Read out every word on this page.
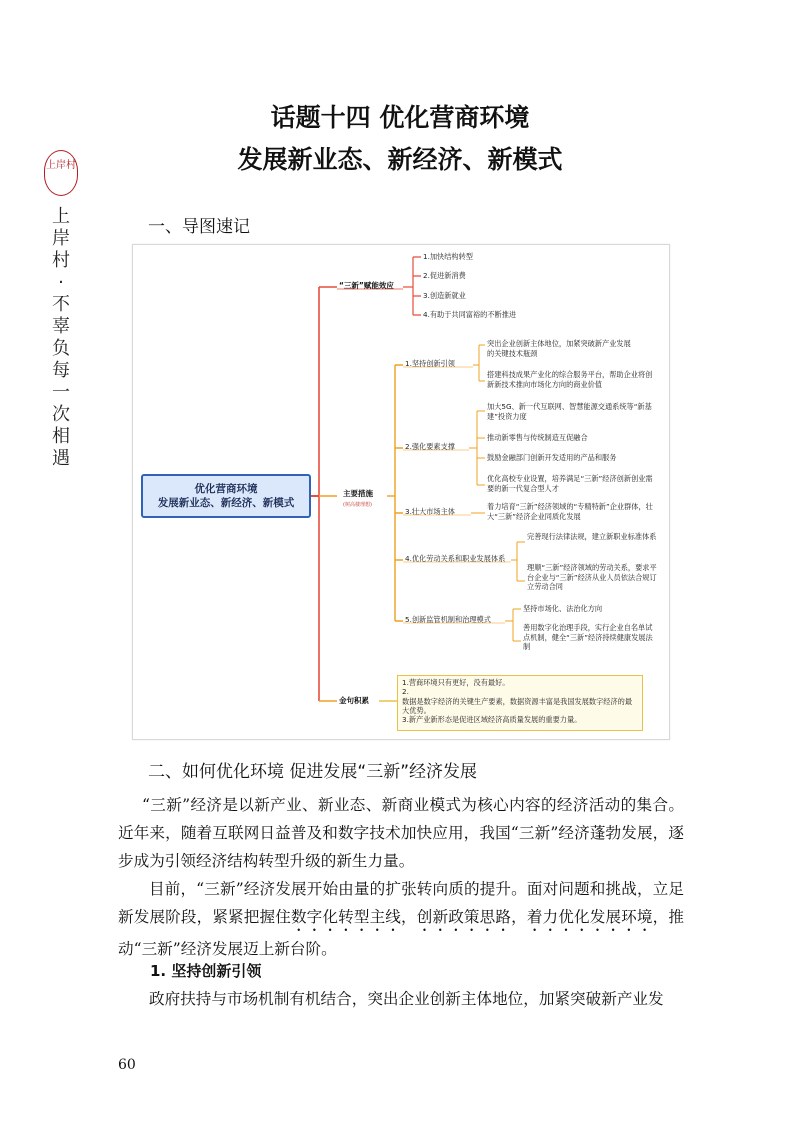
上岸村
上岸村·不辜负每一次相遇
话题十四 优化营商环境
发展新业态、新经济、新模式
一、导图速记
优化营商环境
发展新业态、新经济、新模式
“三新”赋能效应
1.加快结构转型
2.促进新消费
3.创造新就业
4.有助于共同富裕的不断推进
主要措施
(树高楼理想)
1.坚持创新引领
突出企业创新主体地位，加紧突破新产业发展的关键技术瓶颈
搭建科技成果产业化的综合服务平台，帮助企业将创新新技术推向市场化方向的商业价值
2.强化要素支撑
加大5G、新一代互联网、智慧能源交通系统等“新基建”投资力度
推动新零售与传统制造互促融合
鼓励金融部门创新开发适用的产品和服务
优化高校专业设置，培养满足“三新”经济创新创业需要的新一代复合型人才
3.壮大市场主体
着力培育“三新”经济领域的“专精特新”企业群体，壮大“三新”经济企业同质化发展
4.优化劳动关系和职业发展体系
完善现行法律法规，建立新职业标准体系
理顺“三新”经济领域的劳动关系，要求平台企业与“三新”经济从业人员依法合规订立劳动合同
5.创新监管机制和治理模式
坚持市场化、法治化方向
善用数字化治理手段，实行企业自名单试点机制，健全“三新”经济持续健康发展法制
金句积累
1.营商环境只有更好，没有最好。
2.
数据是数字经济的关键生产要素，数据资源丰富是我国发展数字经济的最大优势。
3.新产业新形态是促进区域经济高质量发展的重要力量。
二、如何优化环境 促进发展“三新”经济发展
“三新”经济是以新产业、新业态、新商业模式为核心内容的经济活动的集合。近年来，随着互联网日益普及和数字技术加快应用，我国“三新”经济蓬勃发展，逐步成为引领经济结构转型升级的新生力量。
目前，“三新”经济发展开始由量的扩张转向质的提升。面对问题和挑战，立足新发展阶段，紧紧把握住数字化转型主线，创新政策思路，着力优化发展环境，推动“三新”经济发展迈上新台阶。
1. 坚持创新引领
政府扶持与市场机制有机结合，突出企业创新主体地位，加紧突破新产业发
60
